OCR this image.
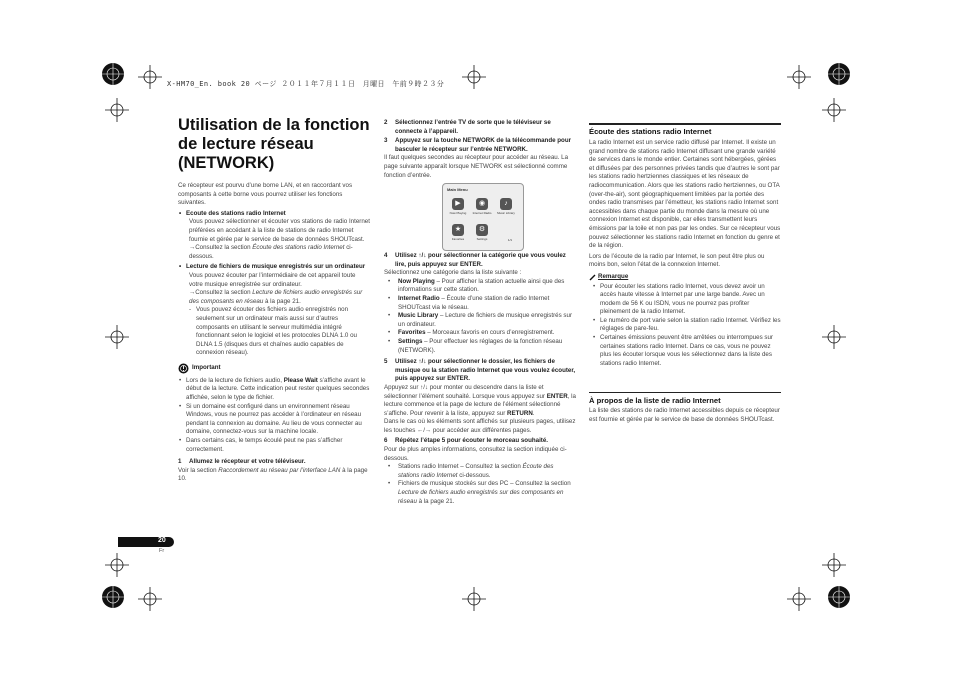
X-HM70_En. book 20 ページ ２０１１年７月１１日　月曜日　午前９時２３分
Utilisation de la fonction de lecture réseau (NETWORK)

Ce récepteur est pourvu d’une borne LAN, et en raccordant vos composants à cette borne vous pourrez utiliser les fonctions suivantes.

• Ecoute des stations radio Internet

Vous pouvez sélectionner et écouter vos stations de radio Internet préférées en accédant à la liste de stations de radio Internet fournie et gérée par le service de base de données SHOUTcast.

→Consultez la section Écoute des stations radio Internet ci-dessous.

• Lecture de fichiers de musique enregistrés sur un ordinateur

Vous pouvez écouter par l’intermédiaire de cet appareil toute votre musique enregistrée sur ordinateur.

→Consultez la section Lecture de fichiers audio enregistrés sur des composants en réseau à la page 21.

- Vous pouvez écouter des fichiers audio enregistrés non seulement sur un ordinateur mais aussi sur d’autres composants en utilisant le serveur multimédia intégré fonctionnant selon le logiciel et les protocoles DLNA 1.0 ou DLNA 1.5 (disques durs et chaînes audio capables de connexion réseau).

Important
• Lors de la lecture de fichiers audio, Please Wait s’affiche avant le début de la lecture. Cette indication peut rester quelques secondes affichée, selon le type de fichier.
• Si un domaine est configuré dans un environnement réseau Windows, vous ne pourrez pas accéder à l’ordinateur en réseau pendant la connexion au domaine. Au lieu de vous connecter au domaine, connectez-vous sur la machine locale.
• Dans certains cas, le temps écoulé peut ne pas s’afficher correctement.
1 Allumez le récepteur et votre téléviseur.

Voir la section Raccordement au réseau par l’interface LAN à la page 10.

2 Sélectionnez l’entrée TV de sorte que le téléviseur se connecte à l’appareil.
3 Appuyez sur la touche NETWORK de la télécommande pour basculer le récepteur sur l’entrée NETWORK.

Il faut quelques secondes au récepteur pour accéder au réseau. La page suivante apparaît lorsque NETWORK est sélectionné comme fonction d’entrée.

Main Menu
▶
Now Playing
◉
Internet Radio
♪
Music Library
★
Favorites
⚙
Settings	1/1
4 Utilisez ↑/↓ pour sélectionner la catégorie que vous voulez lire, puis appuyez sur ENTER.

Sélectionnez une catégorie dans la liste suivante :

• Now Playing – Pour afficher la station actuelle ainsi que des informations sur cette station.
• Internet Radio – Écoute d’une station de radio Internet SHOUTcast via le réseau.
• Music Library – Lecture de fichiers de musique enregistrés sur un ordinateur.
• Favorites – Morceaux favoris en cours d’enregistrement.
• Settings – Pour effectuer les réglages de la fonction réseau (NETWORK).
5 Utilisez ↑/↓ pour sélectionner le dossier, les fichiers de musique ou la station radio Internet que vous voulez écouter, puis appuyez sur ENTER.

Appuyez sur ↑/↓ pour monter ou descendre dans la liste et sélectionner l’élément souhaité. Lorsque vous appuyez sur ENTER, la lecture commence et la page de lecture de l’élément sélectionné s’affiche. Pour revenir à la liste, appuyez sur RETURN.

Dans le cas où les éléments sont affichés sur plusieurs pages, utilisez les touches ←/→ pour accéder aux différentes pages.

6 Répétez l’étape 5 pour écouter le morceau souhaité.

Pour de plus amples informations, consultez la section indiquée ci-dessous.

• Stations radio Internet – Consultez la section Écoute des stations radio Internet ci-dessous.
• Fichiers de musique stockés sur des PC – Consultez la section Lecture de fichiers audio enregistrés sur des composants en réseau à la page 21.
Écoute des stations radio Internet

La radio Internet est un service radio diffusé par Internet. Il existe un grand nombre de stations radio Internet diffusant une grande variété de services dans le monde entier. Certaines sont hébergées, gérées et diffusées par des personnes privées tandis que d’autres le sont par les stations radio hertziennes classiques et les réseaux de radiocommunication. Alors que les stations radio hertziennes, ou OTA (over-the-air), sont géographiquement limitées par la portée des ondes radio transmises par l’émetteur, les stations radio Internet sont accessibles dans chaque partie du monde dans la mesure où une connexion Internet est disponible, car elles transmettent leurs émissions par la toile et non pas par les ondes. Sur ce récepteur vous pouvez sélectionner les stations radio Internet en fonction du genre et de la région.

Lors de l’écoute de la radio par Internet, le son peut être plus ou moins bon, selon l’état de la connexion Internet.

Remarque
• Pour écouter les stations radio Internet, vous devez avoir un accès haute vitesse à Internet par une large bande. Avec un modem de 56 K ou ISDN, vous ne pourrez pas profiter pleinement de la radio Internet.
• Le numéro de port varie selon la station radio Internet. Vérifiez les réglages de pare-feu.
• Certaines émissions peuvent être arrêtées ou interrompues sur certaines stations radio Internet. Dans ce cas, vous ne pouvez plus les écouter lorsque vous les sélectionnez dans la liste des stations radio Internet.
À propos de la liste de radio Internet

La liste des stations de radio Internet accessibles depuis ce récepteur est fournie et gérée par le service de base de données SHOUTcast.

20
Fr
